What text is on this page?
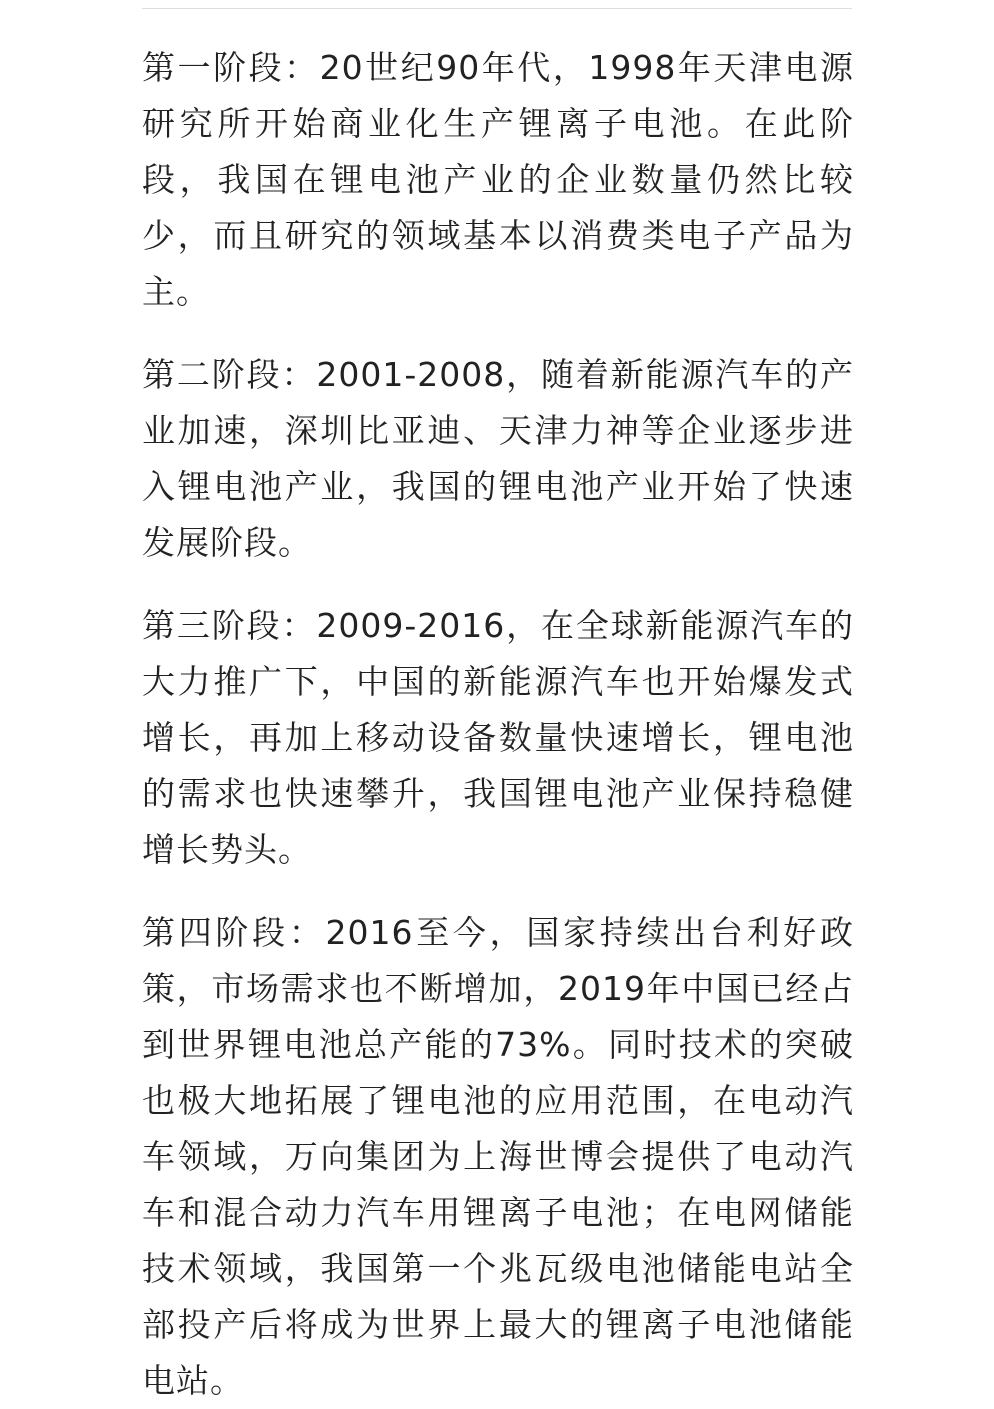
第一阶段：20世纪90年代，1998年天津电源研究所开始商业化生产锂离子电池。在此阶段，我国在锂电池产业的企业数量仍然比较少，而且研究的领域基本以消费类电子产品为主。

第二阶段：2001-2008，随着新能源汽车的产业加速，深圳比亚迪、天津力神等企业逐步进入锂电池产业，我国的锂电池产业开始了快速发展阶段。

第三阶段：2009-2016，在全球新能源汽车的大力推广下，中国的新能源汽车也开始爆发式增长，再加上移动设备数量快速增长，锂电池的需求也快速攀升，我国锂电池产业保持稳健增长势头。

第四阶段：2016至今，国家持续出台利好政策，市场需求也不断增加，2019年中国已经占到世界锂电池总产能的73%。同时技术的突破也极大地拓展了锂电池的应用范围，在电动汽车领域，万向集团为上海世博会提供了电动汽车和混合动力汽车用锂离子电池；在电网储能技术领域，我国第一个兆瓦级电池储能电站全部投产后将成为世界上最大的锂离子电池储能电站。
